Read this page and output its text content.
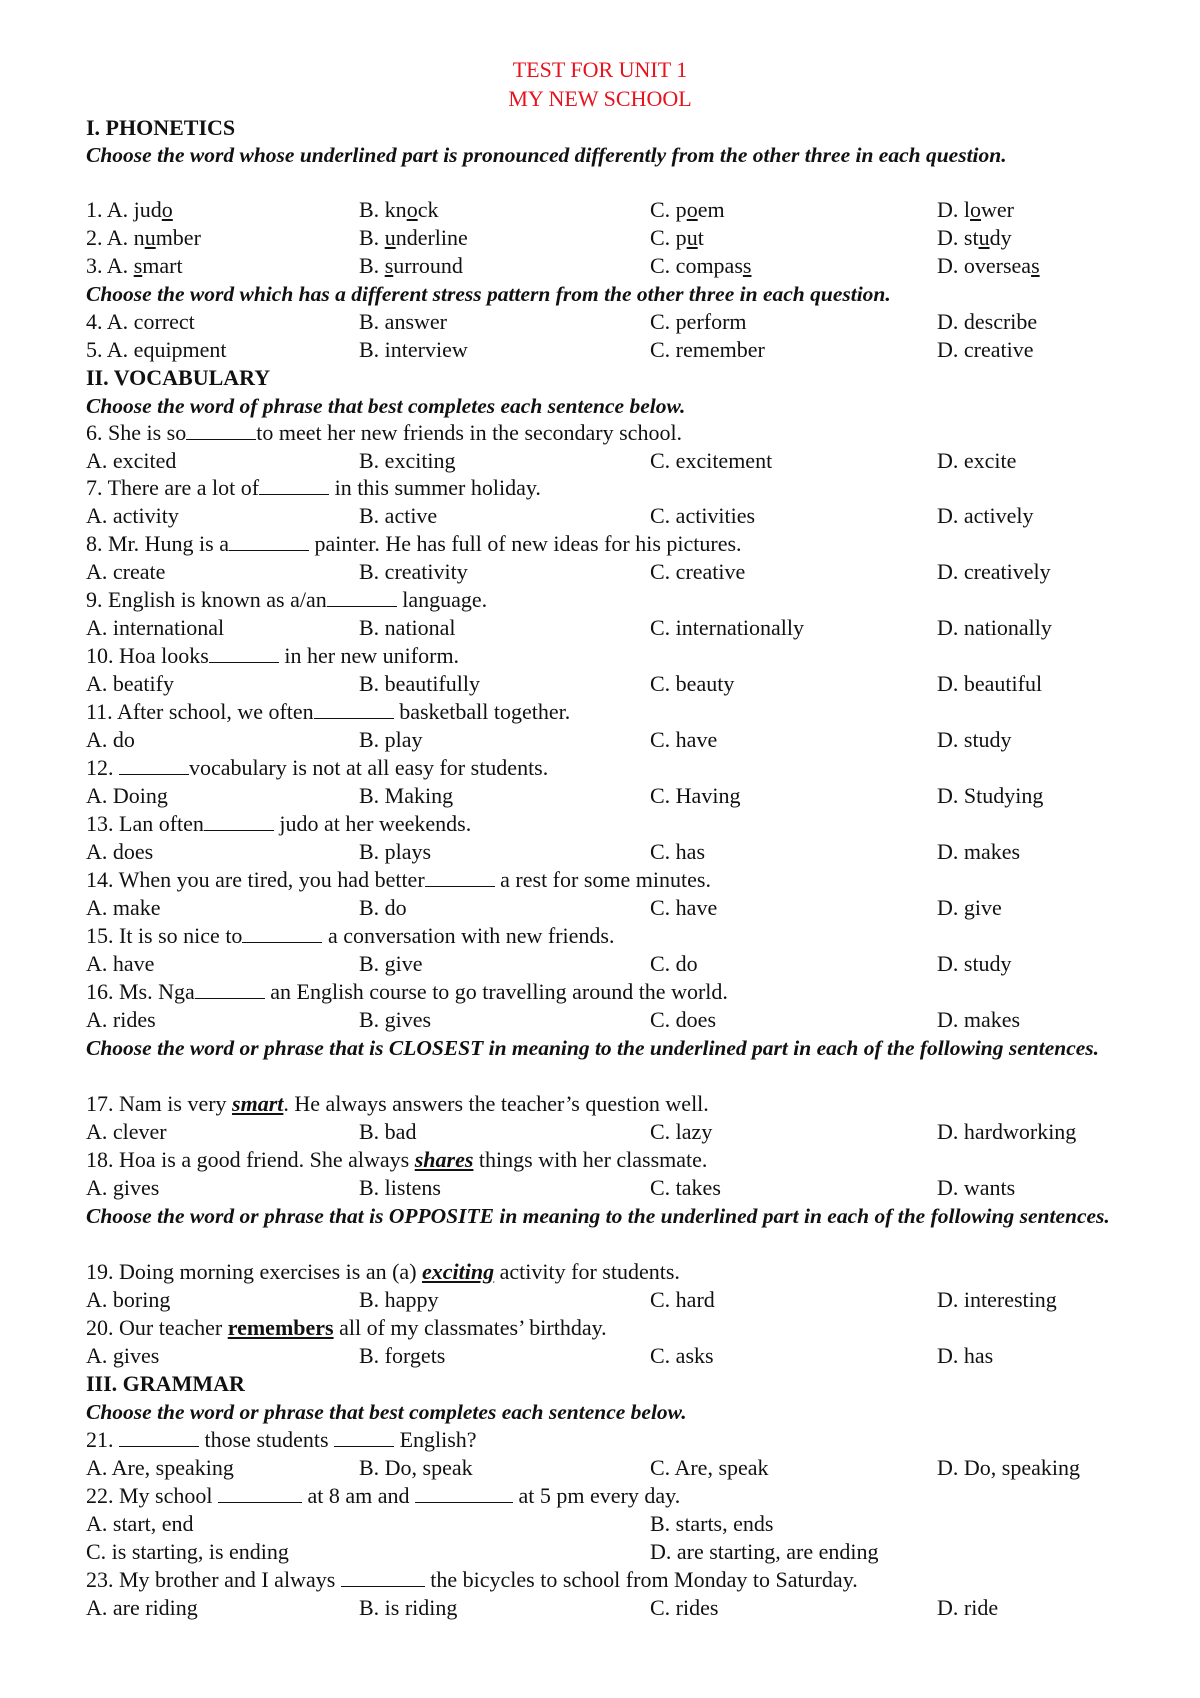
TEST FOR UNIT 1
MY NEW SCHOOL
I. PHONETICS
Choose the word whose underlined part is pronounced differently from the other three in each question.
1. A. judo	B. knock	C. poem	D. lower
2. A. number	B. underline	C. put	D. study
3. A. smart	B. surround	C. compass	D. overseas
Choose the word which has a different stress pattern from the other three in each question.
4. A. correct	B. answer	C. perform	D. describe
5. A. equipment	B. interview	C. remember	D. creative
II. VOCABULARY
Choose the word of phrase that best completes each sentence below.
6. She is so	to meet her new friends in the secondary school.
A. excited	B. exciting	C. excitement	D. excite
7. There are a lot of	in this summer holiday.
A. activity	B. active	C. activities	D. actively
8. Mr. Hung is a	painter. He has full of new ideas for his pictures.
A. create	B. creativity	C. creative	D. creatively
9. English is known as a/an	language.
A. international	B. national	C. internationally	D. nationally
10. Hoa looks	in her new uniform.
A. beatify	B. beautifully	C. beauty	D. beautiful
11. After school, we often	basketball together.
A. do	B. play	C. have	D. study
12.	vocabulary is not at all easy for students.
A. Doing	B. Making	C. Having	D. Studying
13. Lan often	judo at her weekends.
A. does	B. plays	C. has	D. makes
14. When you are tired, you had better	a rest for some minutes.
A. make	B. do	C. have	D. give
15. It is so nice to	a conversation with new friends.
A. have	B. give	C. do	D. study
16. Ms. Nga	an English course to go travelling around the world.
A. rides	B. gives	C. does	D. makes
Choose the word or phrase that is CLOSEST in meaning to the underlined part in each of the following sentences.
17. Nam is very smart. He always answers the teacher’s question well.
A. clever	B. bad	C. lazy	D. hardworking
18. Hoa is a good friend. She always shares things with her classmate.
A. gives	B. listens	C. takes	D. wants
Choose the word or phrase that is OPPOSITE in meaning to the underlined part in each of the following sentences.
19. Doing morning exercises is an (a) exciting activity for students.
A. boring	B. happy	C. hard	D. interesting
20. Our teacher remembers all of my classmates’ birthday.
A. gives	B. forgets	C. asks	D. has
III. GRAMMAR
Choose the word or phrase that best completes each sentence below.
21.	those students	English?
A. Are, speaking	B. Do, speak	C. Are, speak	D. Do, speaking
22. My school	at 8 am and	at 5 pm every day.
A. start, end	B. starts, ends
C. is starting, is ending	D. are starting, are ending
23. My brother and I always	the bicycles to school from Monday to Saturday.
A. are riding	B. is riding	C. rides	D. ride
